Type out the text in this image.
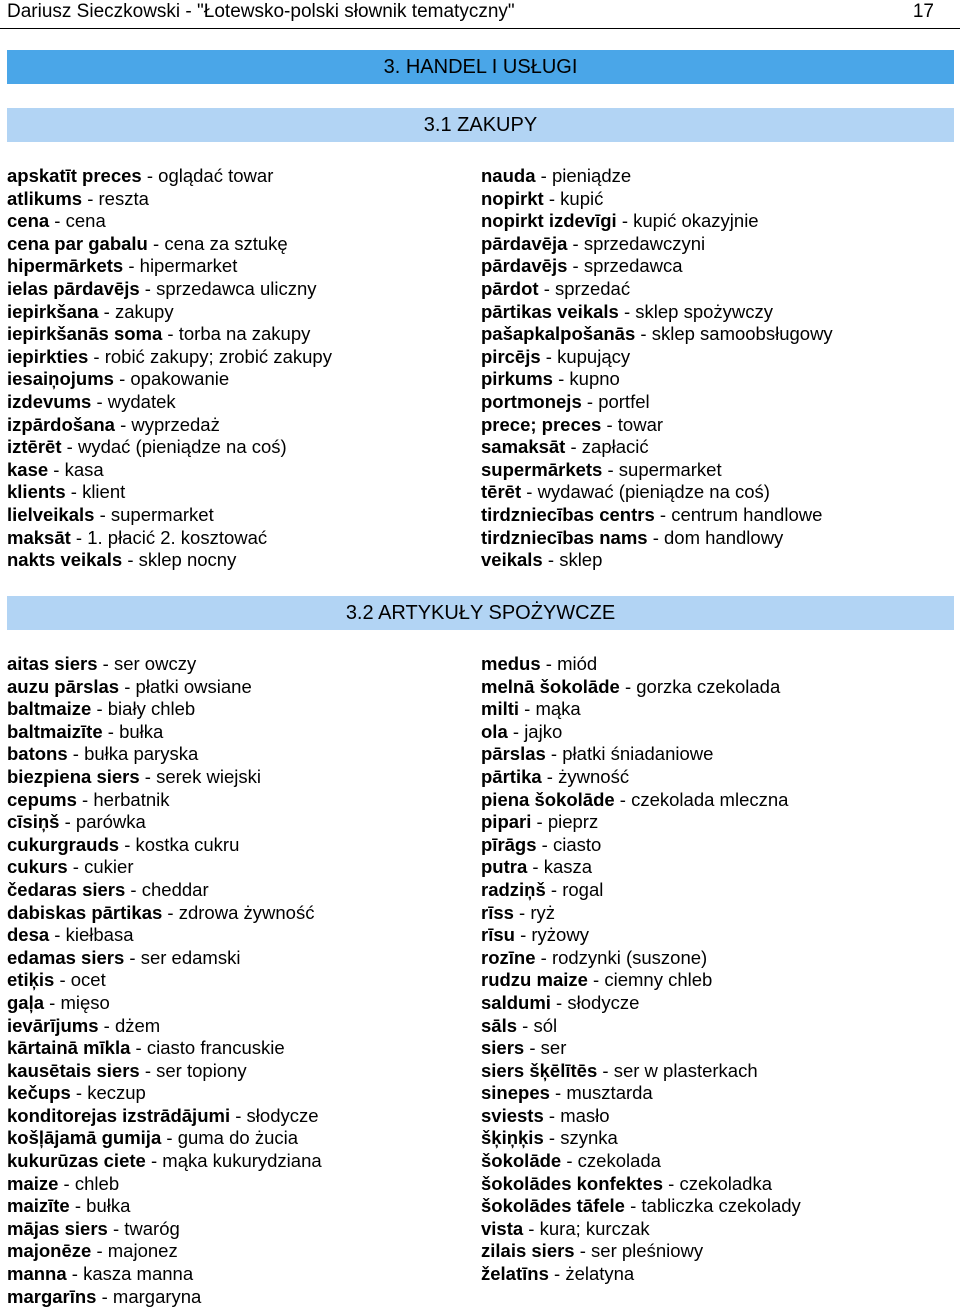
Dariusz Sieczkowski - "Łotewsko-polski słownik tematyczny"	17
3. HANDEL I USŁUGI
3.1 ZAKUPY
apskatīt preces - oglądać towar
atlikums - reszta
cena - cena
cena par gabalu - cena za sztukę
hipermārkets - hipermarket
ielas pārdavējs - sprzedawca uliczny
iepirkšana - zakupy
iepirkšanās soma - torba na zakupy
iepirkties - robić zakupy; zrobić zakupy
iesaiņojums - opakowanie
izdevums - wydatek
izpārdošana - wyprzedaż
iztērēt - wydać (pieniądze na coś)
kase - kasa
klients - klient
lielveikals - supermarket
maksāt - 1. płacić 2. kosztować
nakts veikals - sklep nocny
nauda - pieniądze
nopirkt - kupić
nopirkt izdevīgi - kupić okazyjnie
pārdavēja - sprzedawczyni
pārdavējs - sprzedawca
pārdot - sprzedać
pārtikas veikals - sklep spożywczy
pašapkalpošanās - sklep samoobsługowy
pircējs - kupujący
pirkums - kupno
portmonejs - portfel
prece; preces - towar
samaksāt - zapłacić
supermārkets - supermarket
tērēt - wydawać (pieniądze na coś)
tirdzniecības centrs - centrum handlowe
tirdzniecības nams - dom handlowy
veikals - sklep
3.2 ARTYKUŁY SPOŻYWCZE
aitas siers - ser owczy
auzu pārslas - płatki owsiane
baltmaize - biały chleb
baltmaizīte - bułka
batons - bułka paryska
biezpiena siers - serek wiejski
cepums - herbatnik
cīsiņš - parówka
cukurgrauds - kostka cukru
cukurs - cukier
čedaras siers - cheddar
dabiskas pārtikas - zdrowa żywność
desa - kiełbasa
edamas siers - ser edamski
etiķis - ocet
gaļa - mięso
ievārījums - dżem
kārtainā mīkla - ciasto francuskie
kausētais siers - ser topiony
kečups - keczup
konditorejas izstrādājumi - słodycze
košļājamā gumija - guma do żucia
kukurūzas ciete - mąka kukurydziana
maize - chleb
maizīte - bułka
mājas siers - twaróg
majonēze - majonez
manna - kasza manna
margarīns - margaryna
medus - miód
melnā šokolāde - gorzka czekolada
milti - mąka
ola - jajko
pārslas - płatki śniadaniowe
pārtika - żywność
piena šokolāde - czekolada mleczna
pipari - pieprz
pīrāgs - ciasto
putra - kasza
radziņš - rogal
rīss - ryż
rīsu - ryżowy
rozīne - rodzynki (suszone)
rudzu maize - ciemny chleb
saldumi - słodycze
sāls - sól
siers - ser
siers šķēlītēs - ser w plasterkach
sinepes - musztarda
sviests - masło
šķiņķis - szynka
šokolāde - czekolada
šokolādes konfektes - czekoladka
šokolādes tāfele - tabliczka czekolady
vista - kura; kurczak
zilais siers - ser pleśniowy
želatīns - żelatyna
